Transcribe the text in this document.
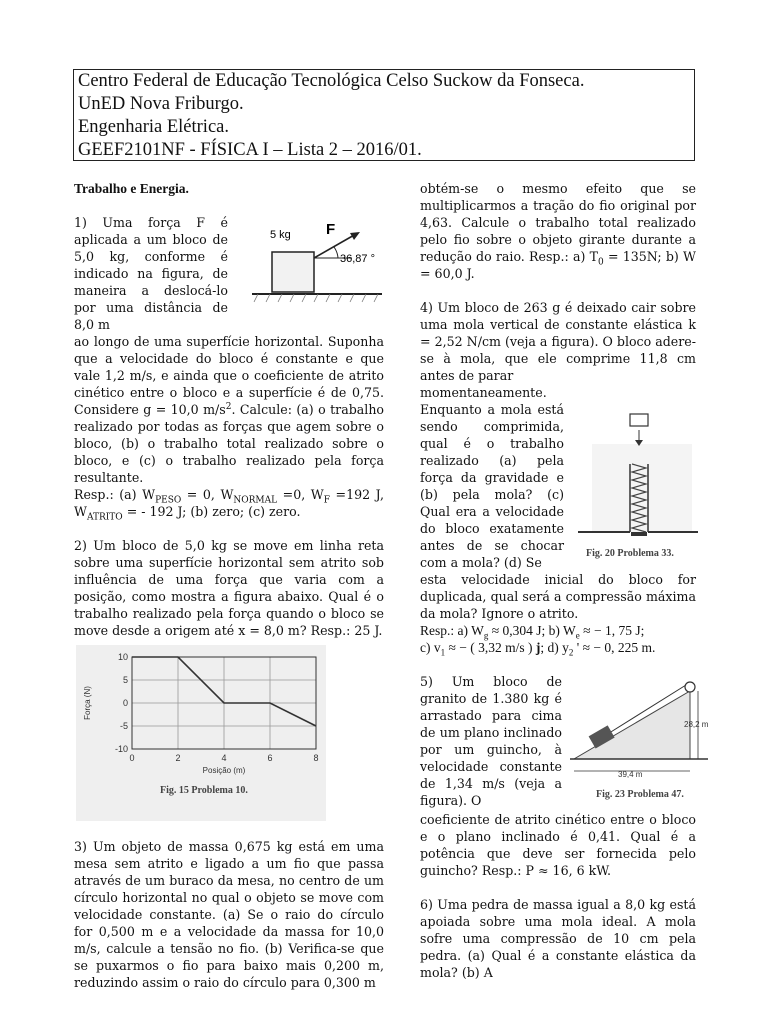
Centro Federal de Educação Tecnológica Celso Suckow da Fonseca.
UnED Nova Friburgo.
Engenharia Elétrica.
GEEF2101NF - FÍSICA I – Lista 2 – 2016/01.

Trabalho e Energia.

5 kg F
36,87 °

1) Uma força F é aplicada a um bloco de 5,0 kg, conforme é indicado na figura, de maneira a deslocá-lo por uma distância de 8,0 m

ao longo de uma superfície horizontal. Suponha que a velocidade do bloco é constante e que vale 1,2 m/s, e ainda que o coeficiente de atrito cinético entre o bloco e a superfície é de 0,75. Considere g = 10,0 $m/s^2$. Calcule: (a) o trabalho realizado por todas as forças que agem sobre o bloco, (b) o trabalho total realizado sobre o bloco, e (c) o trabalho realizado pela força resultante.

Resp.: (a) $W_{PESO} = 0$, $W_{NORMAL} =0$, $W_F =192$ J, $W_{ATRITO}$ = - 192 J; (b) zero; (c) zero.

2) Um bloco de 5,0 kg se move em linha reta sobre uma superfície horizontal sem atrito sob influência de uma força que varia com a posição, como mostra a figura abaixo. Qual é o trabalho realizado pela força quando o bloco se move desde a origem até x = 8,0 m? Resp.: 25 J.

10
5
0
-5
-10
0	2	4	6	8
Força (N)
Posição (m)
Fig. 15 Problema 10.

3) Um objeto de massa 0,675 kg está em uma mesa sem atrito e ligado a um fio que passa através de um buraco da mesa, no centro de um círculo horizontal no qual o objeto se move com velocidade constante. (a) Se o raio do círculo for 0,500 m e a velocidade da massa for 10,0 m/s, calcule a tensão no fio. (b) Verifica-se que se puxarmos o fio para baixo mais 0,200 m, reduzindo assim o raio do círculo para 0,300 m

obtém-se o mesmo efeito que se multiplicarmos a tração do fio original por 4,63. Calcule o trabalho total realizado pelo fio sobre o objeto girante durante a redução do raio. Resp.: a) $T_0 = 135N$; b) W = 60,0 J.

4) Um bloco de 263 g é deixado cair sobre uma mola vertical de constante elástica k = 2,52 N/cm (veja a figura). O bloco adere-se à mola, que ele comprime 11,8 cm antes de parar

Fig. 20 Problema 33.

momentaneamente. Enquanto a mola está sendo comprimida, qual é o trabalho realizado (a) pela força da gravidade e (b) pela mola? (c) Qual era a velocidade do bloco exatamente antes de se chocar com a mola? (d) Se

esta velocidade inicial do bloco for duplicada, qual será a compressão máxima da mola? Ignore o atrito.

Resp.: a) $W_g \approx 0,304$ J; b) $W_e$ ≈ − 1, 75 J;

c) $v_1$ ≈ − ( 3,32 m/s ) j; d) $y_2$ ' ≈ − 0, 225 m.

28,2 m
39,4 m
Fig. 23 Problema 47.

5) Um bloco de granito de 1.380 kg é arrastado para cima de um plano inclinado por um guincho, à velocidade constante de 1,34 m/s (veja a figura). O

coeficiente de atrito cinético entre o bloco e o plano inclinado é 0,41. Qual é a potência que deve ser fornecida pelo guincho? Resp.: P ≈ 16, 6 kW.

6) Uma pedra de massa igual a 8,0 kg está apoiada sobre uma mola ideal. A mola sofre uma compressão de 10 cm pela pedra. (a) Qual é a constante elástica da mola? (b) A
